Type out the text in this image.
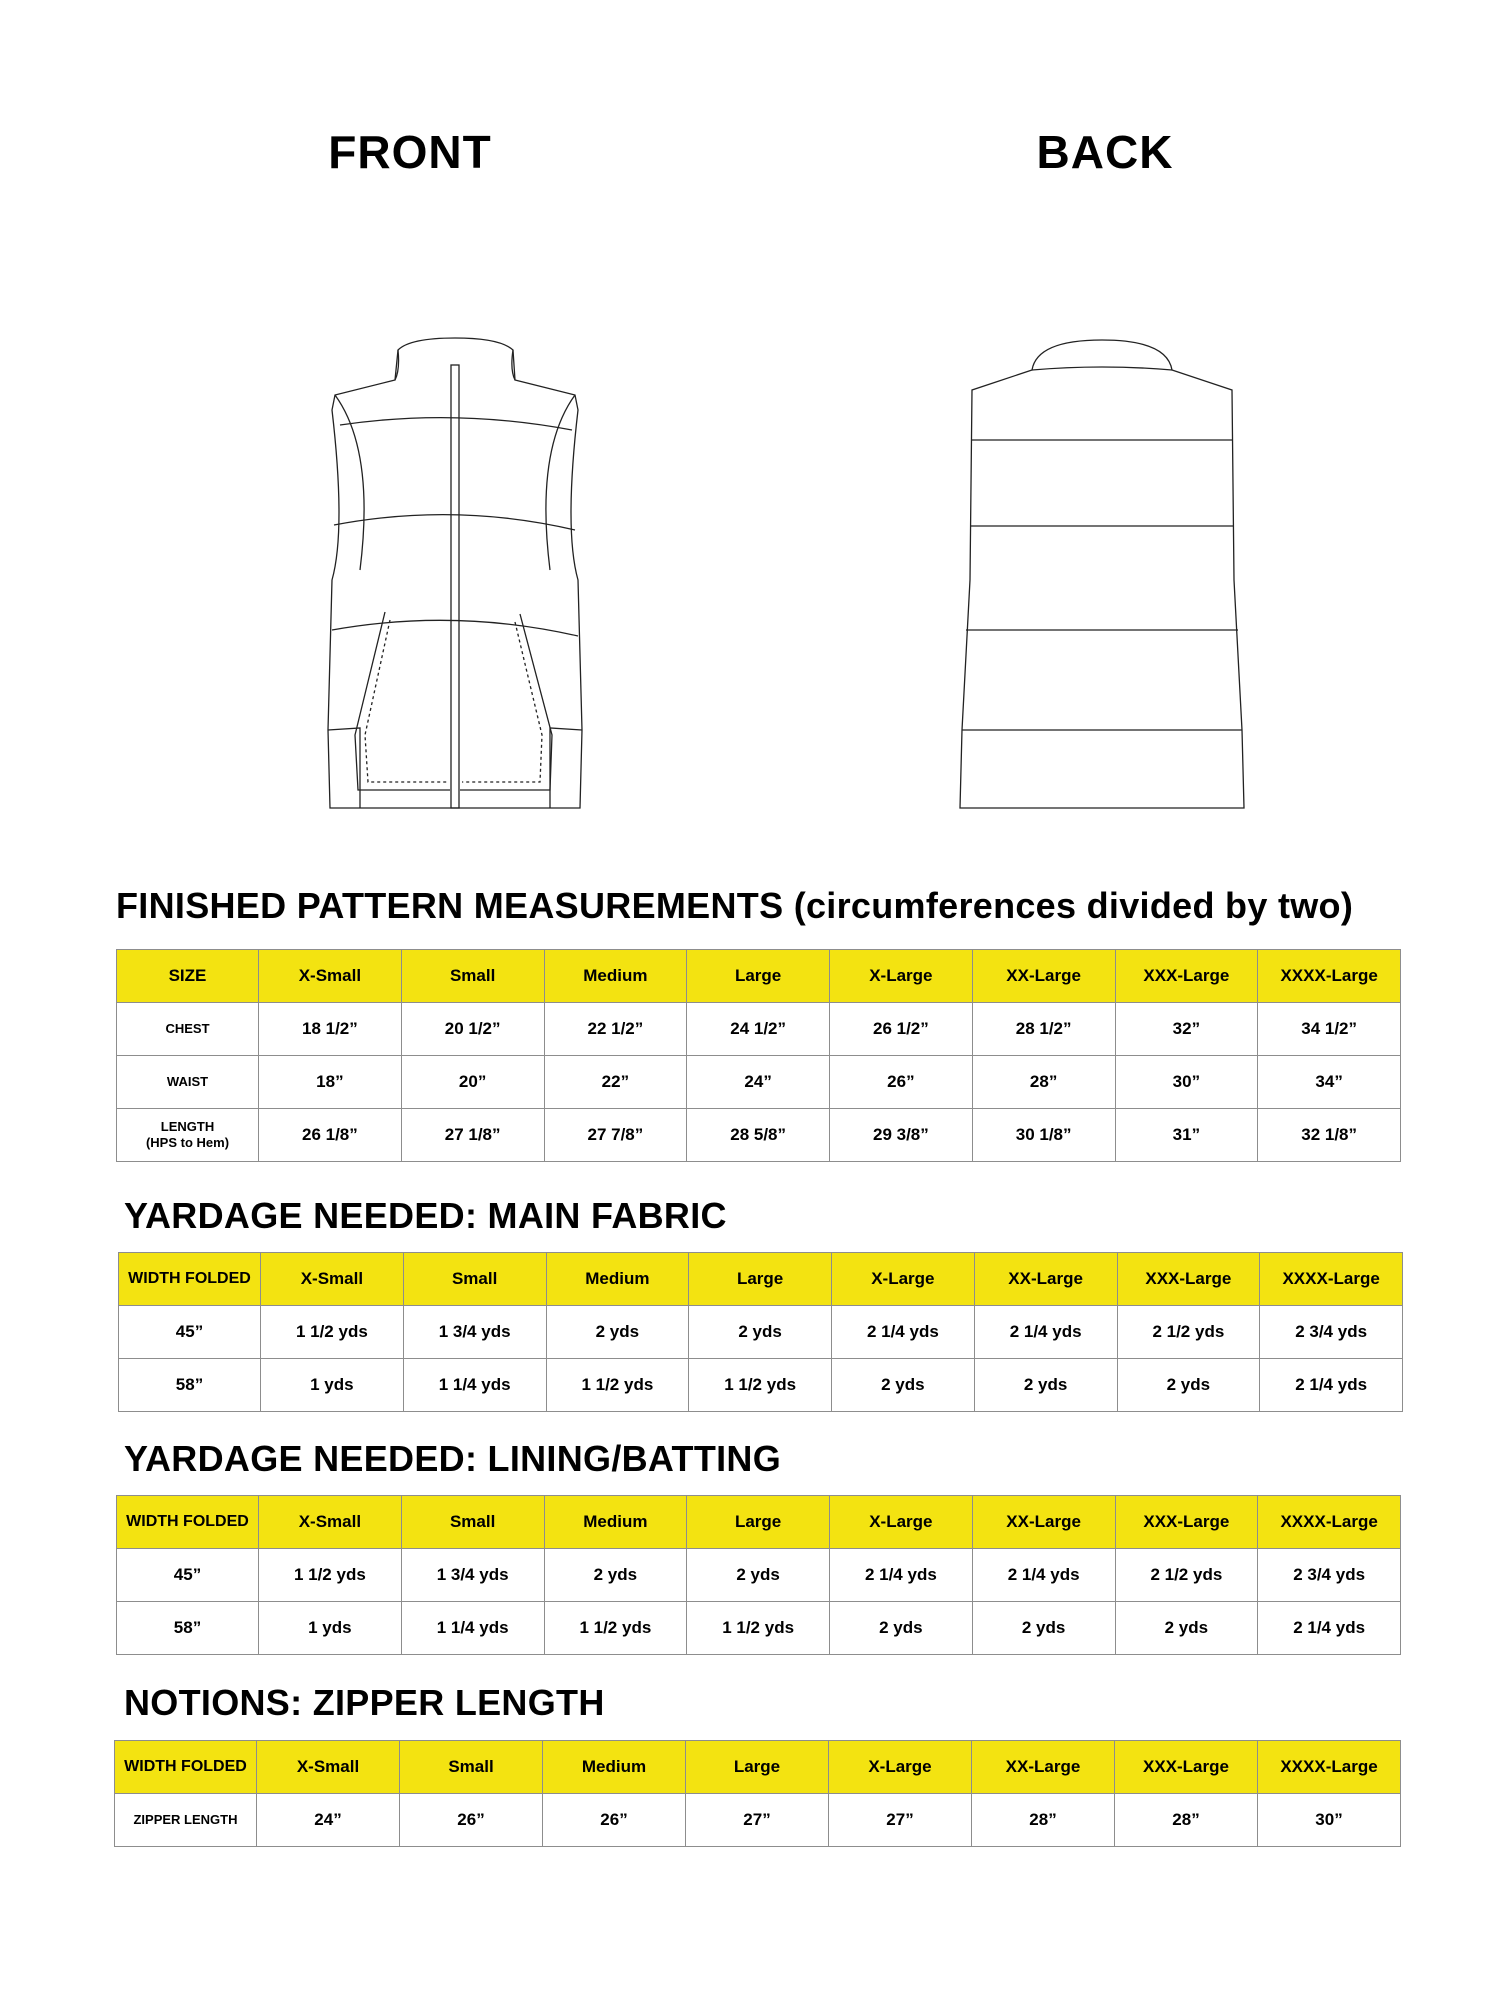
FRONT	BACK
FINISHED PATTERN MEASUREMENTS (circumferences divided by two)
SIZE	X-Small	Small	Medium	Large	X-Large	XX-Large	XXX-Large	XXXX-Large
CHEST	18 1/2”	20 1/2”	22 1/2”	24 1/2”	26 1/2”	28 1/2”	32”	34 1/2”
WAIST	18”	20”	22”	24”	26”	28”	30”	34”
LENGTH
(HPS to Hem)	26 1/8”	27 1/8”	27 7/8”	28 5/8”	29 3/8”	30 1/8”	31”	32 1/8”
YARDAGE NEEDED: MAIN FABRIC
WIDTH FOLDED	X-Small	Small	Medium	Large	X-Large	XX-Large	XXX-Large	XXXX-Large
45”	1 1/2 yds	1 3/4 yds	2 yds	2 yds	2 1/4 yds	2 1/4 yds	2 1/2 yds	2 3/4 yds
58”	1 yds	1 1/4 yds	1 1/2 yds	1 1/2 yds	2 yds	2 yds	2 yds	2 1/4 yds
YARDAGE NEEDED: LINING/BATTING
WIDTH FOLDED	X-Small	Small	Medium	Large	X-Large	XX-Large	XXX-Large	XXXX-Large
45”	1 1/2 yds	1 3/4 yds	2 yds	2 yds	2 1/4 yds	2 1/4 yds	2 1/2 yds	2 3/4 yds
58”	1 yds	1 1/4 yds	1 1/2 yds	1 1/2 yds	2 yds	2 yds	2 yds	2 1/4 yds
NOTIONS: ZIPPER LENGTH
WIDTH FOLDED	X-Small	Small	Medium	Large	X-Large	XX-Large	XXX-Large	XXXX-Large
ZIPPER LENGTH	24”	26”	26”	27”	27”	28”	28”	30”
